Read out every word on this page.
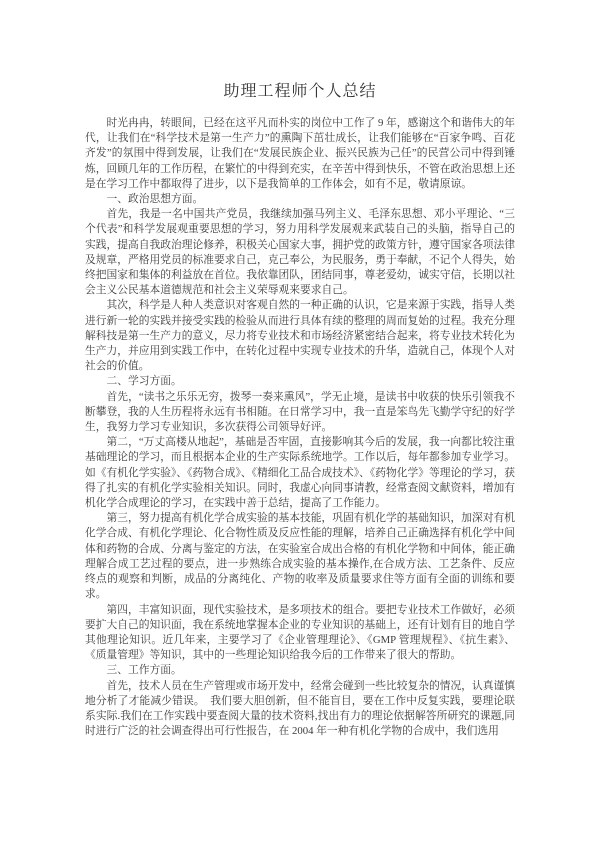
助理工程师个人总结

时光冉冉，转眼间，已经在这平凡而朴实的岗位中工作了 9 年，感谢这个和谐伟大的年代，让我们在“科学技术是第一生产力”的熏陶下茁壮成长，让我们能够在“百家争鸣、百花齐发”的氛围中得到发展，让我们在“发展民族企业、振兴民族为己任”的民营公司中得到锤炼，回顾几年的工作历程，在繁忙的中得到充实，在辛苦中得到快乐，不管在政治思想上还是在学习工作中都取得了进步，以下是我简单的工作体会，如有不足，敬请原谅。

一、政治思想方面。

首先，我是一名中国共产党员，我继续加强马列主义、毛泽东思想、邓小平理论、“三个代表”和科学发展观重要思想的学习，努力用科学发展观来武装自己的头脑，指导自己的实践，提高自我政治理论修养，积极关心国家大事，拥护党的政策方针，遵守国家各项法律及规章，严格用党员的标准要求自己，克己奉公，为民服务，勇于奉献，不记个人得失，始终把国家和集体的利益放在首位。我依靠团队，团结同事，尊老爱幼，诚实守信，长期以社会主义公民基本道德规范和社会主义荣辱观来要求自己。

其次，科学是人种人类意识对客观自然的一种正确的认识，它是来源于实践，指导人类进行新一轮的实践并接受实践的检验从而进行具体有续的整理的周而复始的过程。我充分理解科技是第一生产力的意义，尽力将专业技术和市场经济紧密结合起来，将专业技术转化为生产力，并应用到实践工作中，在转化过程中实现专业技术的升华，造就自己，体现个人对社会的价值。

二、学习方面。

首先，“读书之乐乐无穷，拨琴一奏来熏风”，学无止境，是读书中收获的快乐引领我不断攀登，我的人生历程将永远有书相随。在日常学习中，我一直是笨鸟先飞勤学守纪的好学生，我努力学习专业知识，多次获得公司领导好评。

第二，“万丈高楼从地起”，基础是否牢固，直接影响其今后的发展，我一向都比较注重基础理论的学习，而且根据本企业的生产实际系统地学。工作以后，每年都参加专业学习。如《有机化学实验》、《药物合成》、《精细化工品合成技术》、《药物化学》等理论的学习，获得了扎实的有机化学实验相关知识。同时，我虚心向同事请教，经常查阅文献资料，增加有机化学合成理论的学习，在实践中善于总结，提高了工作能力。

第三，努力提高有机化学合成实验的基本技能，巩固有机化学的基础知识，加深对有机化学合成、有机化学理论、化合物性质及反应性能的理解，培养自己正确选择有机化学中间体和药物的合成、分离与鉴定的方法，在实验室合成出合格的有机化学物和中间体，能正确理解合成工艺过程的要点，进一步熟练合成实验的基本操作,在合成方法、工艺条件、反应终点的观察和判断，成品的分离纯化、产物的收率及质量要求住等方面有全面的训练和要求。

第四，丰富知识面，现代实验技术，是多项技术的组合。要把专业技术工作做好，必须要扩大自己的知识面，我在系统地掌握本企业的专业知识的基础上，还有计划有目的地自学其他理论知识。近几年来，主要学习了《企业管理理论》、《GMP 管理规程》、《抗生素》、《质量管理》等知识，其中的一些理论知识给我今后的工作带来了很大的帮助。

三、工作方面。

首先，技术人员在生产管理或市场开发中，经常会碰到一些比较复杂的情况，认真谨慎地分析了才能减少错误。　我们要大胆创新，但不能盲目，要在工作中反复实践，要理论联系实际.我们在工作实践中要查阅大量的技术资料,找出有力的理论依据解答所研究的课题,同时进行广泛的社会调查得出可行性报告，在 2004 年一种有机化学物的合成中，我们选用
